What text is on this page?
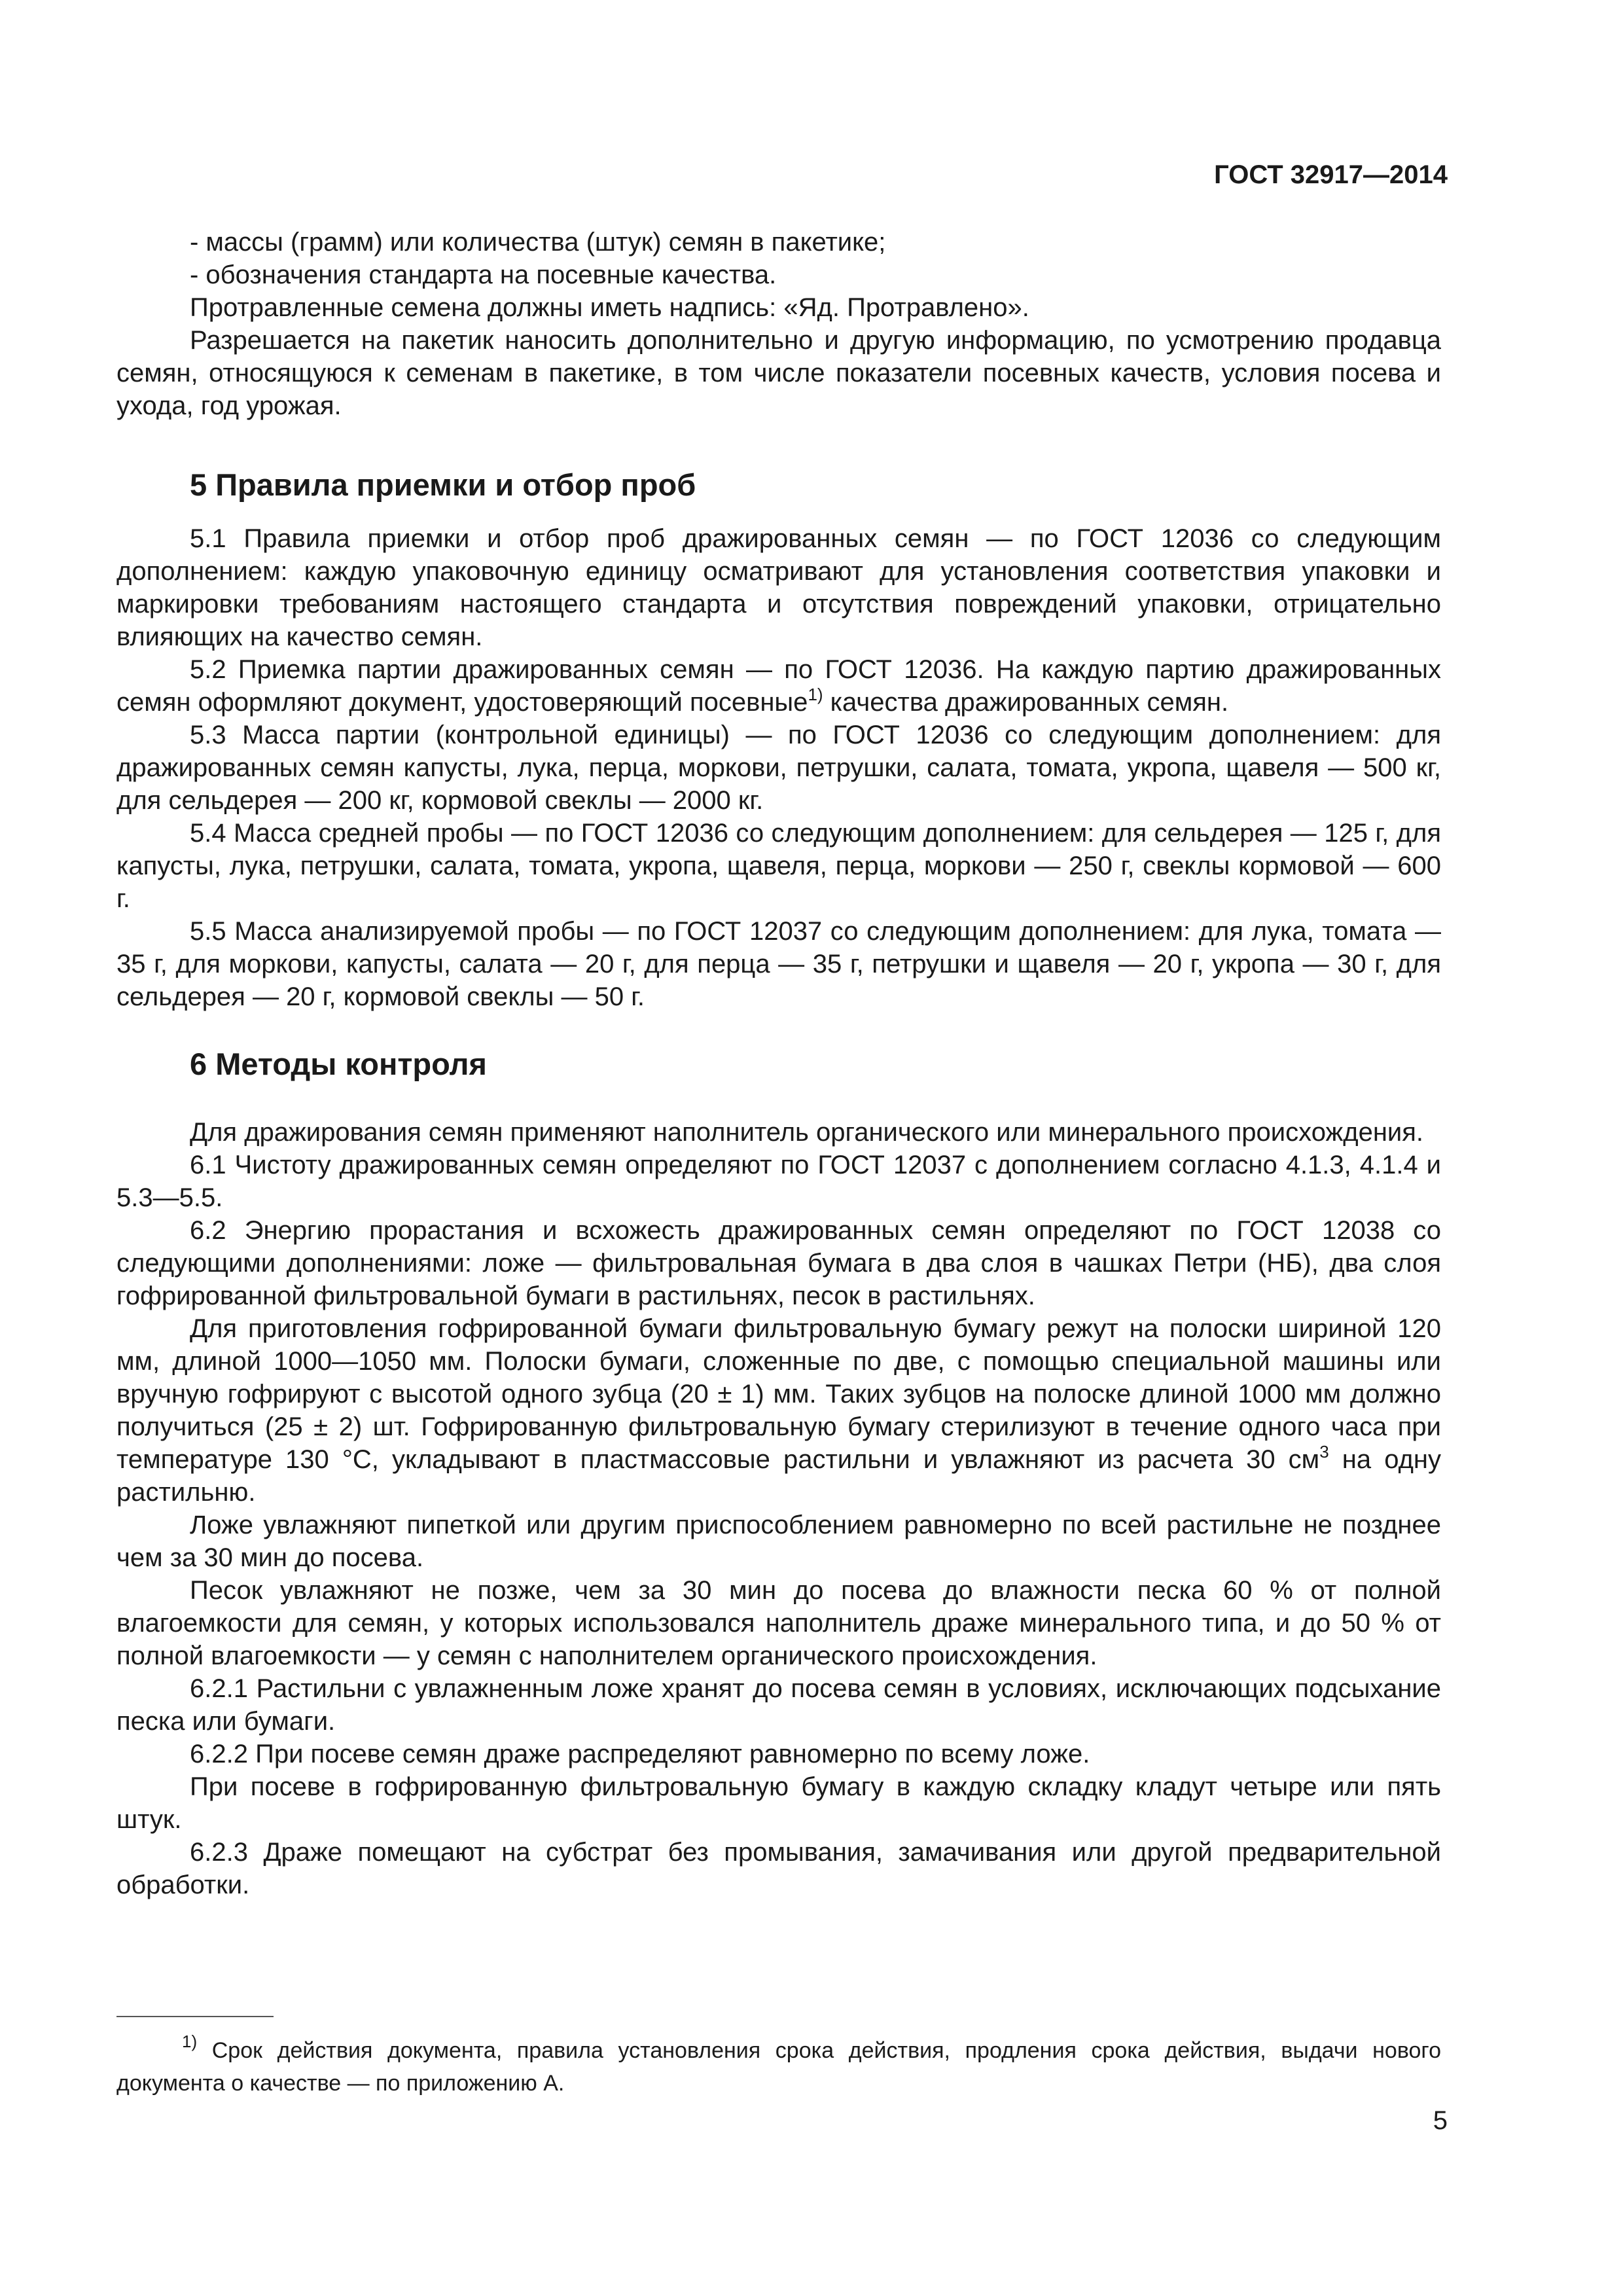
ГОСТ 32917—2014

- массы (грамм) или количества (штук) семян в пакетике;

- обозначения стандарта на посевные качества.

Протравленные семена должны иметь надпись: «Яд. Протравлено».

Разрешается на пакетик наносить дополнительно и другую информацию, по усмотрению продавца семян, относящуюся к семенам в пакетике, в том числе показатели посевных качеств, условия посева и ухода, год урожая.

5 Правила приемки и отбор проб

5.1 Правила приемки и отбор проб дражированных семян — по ГОСТ 12036 со следующим дополнением: каждую упаковочную единицу осматривают для установления соответствия упаковки и маркировки требованиям настоящего стандарта и отсутствия повреждений упаковки, отрицательно влияющих на качество семян.

5.2 Приемка партии дражированных семян — по ГОСТ 12036. На каждую партию дражированных семян оформляют документ, удостоверяющий посевные$^{1)}$ качества дражированных семян.

5.3 Масса партии (контрольной единицы) — по ГОСТ 12036 со следующим дополнением: для дражированных семян капусты, лука, перца, моркови, петрушки, салата, томата, укропа, щавеля — 500 кг, для сельдерея — 200 кг, кормовой свеклы — 2000 кг.

5.4 Масса средней пробы — по ГОСТ 12036 со следующим дополнением: для сельдерея — 125 г, для капусты, лука, петрушки, салата, томата, укропа, щавеля, перца, моркови — 250 г, свеклы кормовой — 600 г.

5.5 Масса анализируемой пробы — по ГОСТ 12037 со следующим дополнением: для лука, томата — 35 г, для моркови, капусты, салата — 20 г, для перца — 35 г, петрушки и щавеля — 20 г, укропа — 30 г, для сельдерея — 20 г, кормовой свеклы — 50 г.

6 Методы контроля

Для дражирования семян применяют наполнитель органического или минерального происхождения.

6.1 Чистоту дражированных семян определяют по ГОСТ 12037 с дополнением согласно 4.1.3, 4.1.4 и 5.3—5.5.

6.2 Энергию прорастания и всхожесть дражированных семян определяют по ГОСТ 12038 со следующими дополнениями: ложе — фильтровальная бумага в два слоя в чашках Петри (НБ), два слоя гофрированной фильтровальной бумаги в растильнях, песок в растильнях.

Для приготовления гофрированной бумаги фильтровальную бумагу режут на полоски шириной 120 мм, длиной 1000—1050 мм. Полоски бумаги, сложенные по две, с помощью специальной машины или вручную гофрируют с высотой одного зубца (20 ± 1) мм. Таких зубцов на полоске длиной 1000 мм должно получиться (25 ± 2) шт. Гофрированную фильтровальную бумагу стерилизуют в течение одного часа при температуре 130 °С, укладывают в пластмассовые растильни и увлажняют из расчета 30 $см^3$ на одну растильню.

Ложе увлажняют пипеткой или другим приспособлением равномерно по всей растильне не позднее чем за 30 мин до посева.

Песок увлажняют не позже, чем за 30 мин до посева до влажности песка 60 % от полной влагоемкости для семян, у которых использовался наполнитель драже минерального типа, и до 50 % от полной влагоемкости — у семян с наполнителем органического происхождения.

6.2.1 Растильни с увлажненным ложе хранят до посева семян в условиях, исключающих подсыхание песка или бумаги.

6.2.2 При посеве семян драже распределяют равномерно по всему ложе.

При посеве в гофрированную фильтровальную бумагу в каждую складку кладут четыре или пять штук.

6.2.3 Драже помещают на субстрат без промывания, замачивания или другой предварительной обработки.

$^{1)}$ Срок действия документа, правила установления срока действия, продления срока действия, выдачи нового документа о качестве — по приложению А.

5
